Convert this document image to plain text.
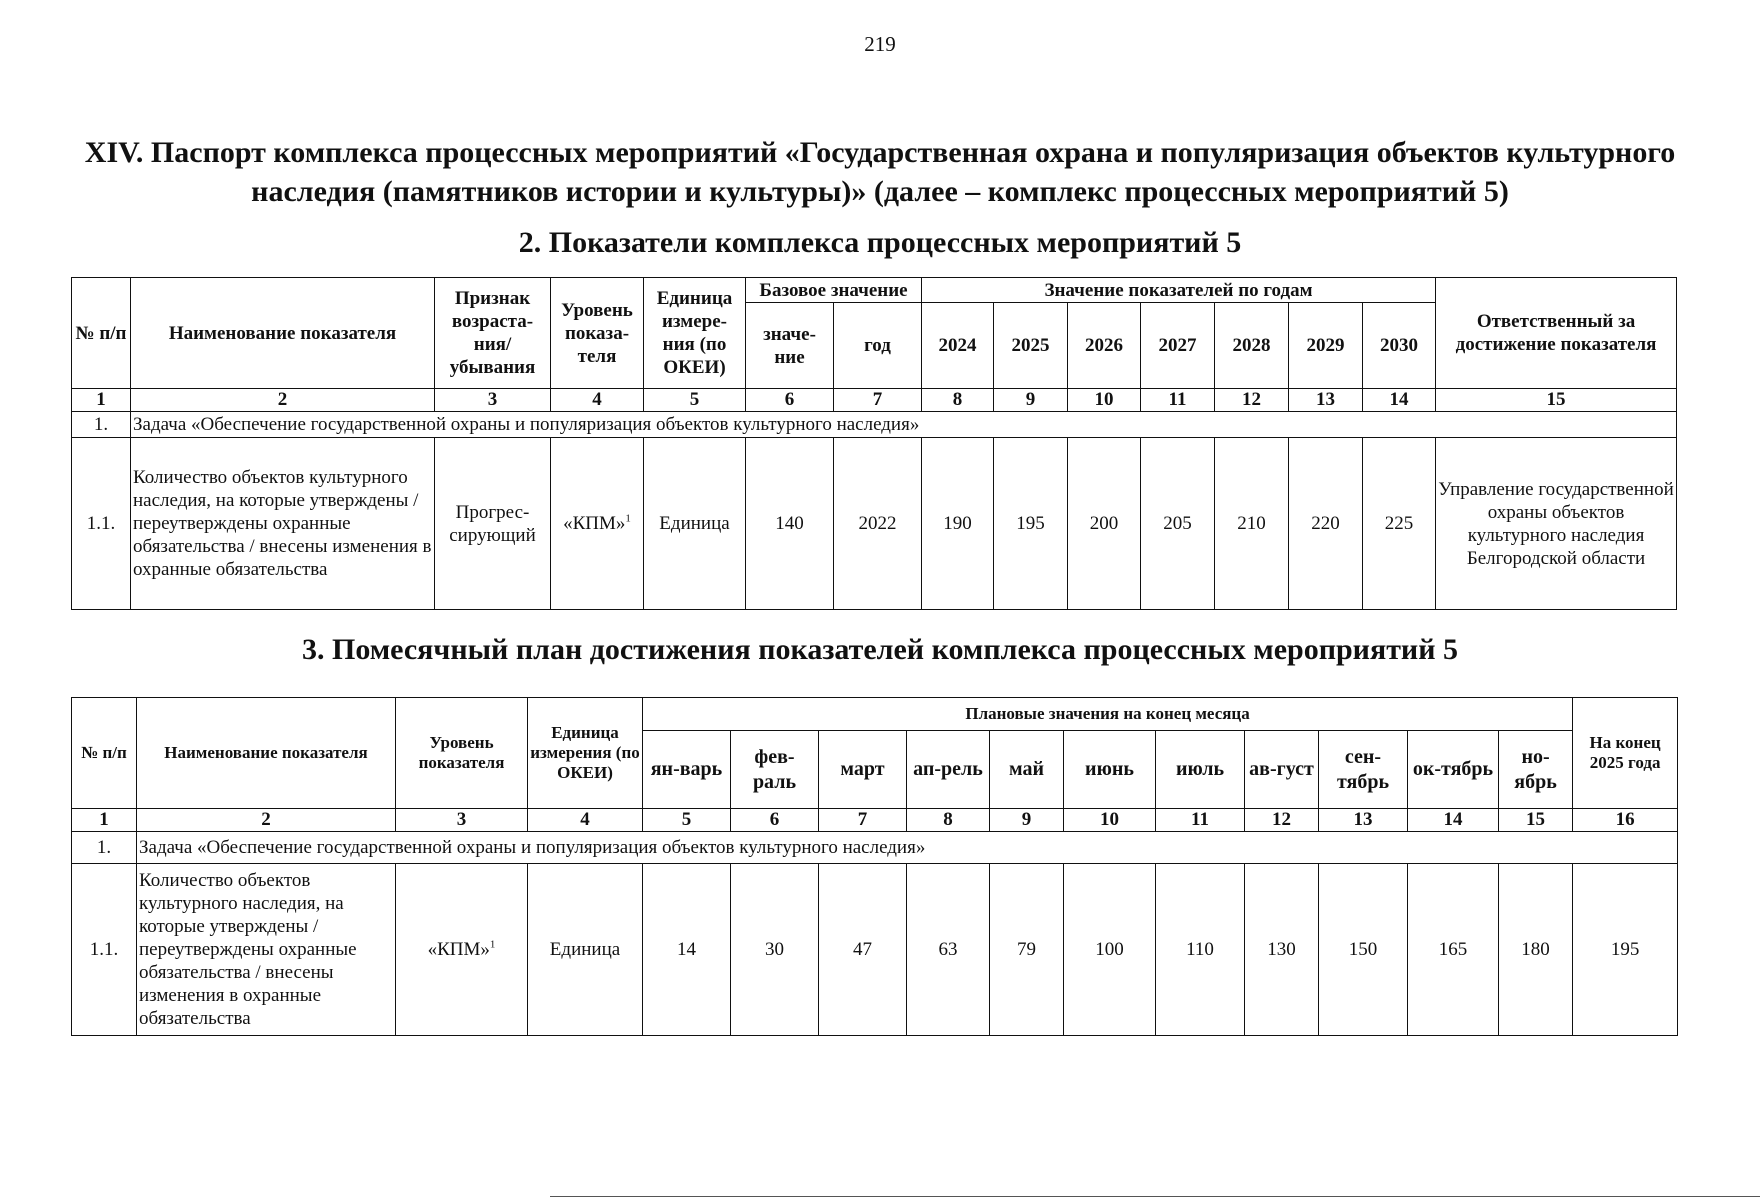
219
XIV. Паспорт комплекса процессных мероприятий «Государственная охрана и популяризация объектов культурного наследия (памятников истории и культуры)» (далее – комплекс процессных мероприятий 5)
2. Показатели комплекса процессных мероприятий 5
№ п/п	Наименование показателя	Признак возраста-ния/ убывания	Уровень показа-теля	Единица измере-ния (по ОКЕИ)	Базовое значение		Значение показателей по годам							Ответственный за достижение показателя
					значе-ние	год	2024	2025	2026	2027	2028	2029	2030	
1	2	3	4	5	6	7	8	9	10	11	12	13	14	15
1.	Задача «Обеспечение государственной охраны и популяризация объектов культурного наследия»													
1.1.	Количество объектов культурного наследия, на которые утверждены / переутверждены охранные обязательства / внесены изменения в охранные обязательства	Прогрес-сирующий	«КПМ»$^1$	Единица	140	2022	190	195	200	205	210	220	225	Управление государственной охраны объектов культурного наследия Белгородской области
3. Помесячный план достижения показателей комплекса процессных мероприятий 5
№ п/п	Наименование показателя	Уровень показателя	Единица измерения (по ОКЕИ)	Плановые значения на конец месяца											На конец 2025 года
				ян-варь	фев-раль	март	ап-рель	май	июнь	июль	ав-густ	сен-тябрь	ок-тябрь	но-ябрь	
1	2	3	4	5	6	7	8	9	10	11	12	13	14	15	16
1.	Задача «Обеспечение государственной охраны и популяризация объектов культурного наследия»														
1.1.	Количество объектов культурного наследия, на которые утверждены / переутверждены охранные обязательства / внесены изменения в охранные обязательства	«КПМ»$^1$	Единица	14	30	47	63	79	100	110	130	150	165	180	195
